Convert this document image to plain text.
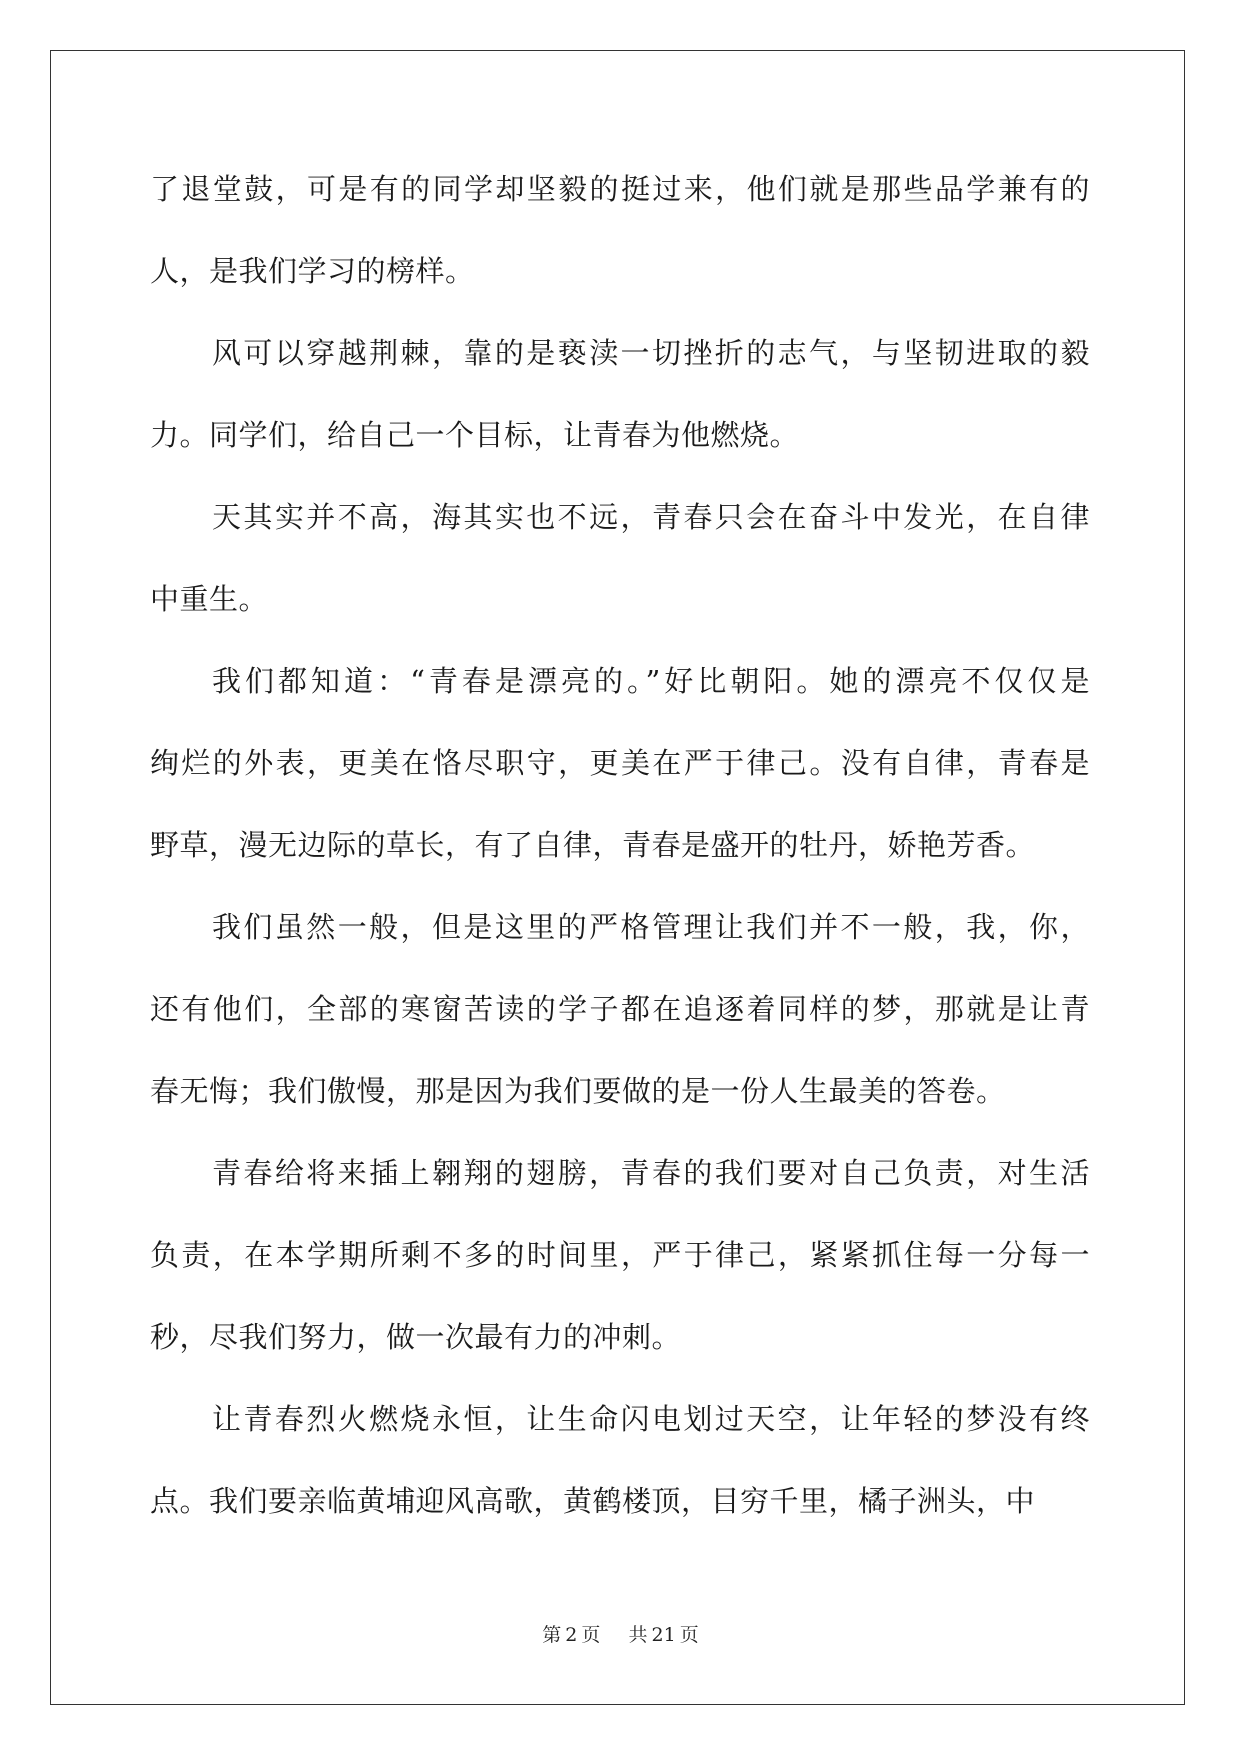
了退堂鼓，可是有的同学却坚毅的挺过来，他们就是那些品学兼有的
人，是我们学习的榜样。
风可以穿越荆棘，靠的是亵渎一切挫折的志气，与坚韧进取的毅
力。同学们，给自己一个目标，让青春为他燃烧。
天其实并不高，海其实也不远，青春只会在奋斗中发光，在自律
中重生。
我们都知道：“青春是漂亮的。”好比朝阳。她的漂亮不仅仅是
绚烂的外表，更美在恪尽职守，更美在严于律己。没有自律，青春是
野草，漫无边际的草长，有了自律，青春是盛开的牡丹，娇艳芳香。
我们虽然一般，但是这里的严格管理让我们并不一般，我，你，
还有他们，全部的寒窗苦读的学子都在追逐着同样的梦，那就是让青
春无悔；我们傲慢，那是因为我们要做的是一份人生最美的答卷。
青春给将来插上翱翔的翅膀，青春的我们要对自己负责，对生活
负责，在本学期所剩不多的时间里，严于律己，紧紧抓住每一分每一
秒，尽我们努力，做一次最有力的冲刺。
让青春烈火燃烧永恒，让生命闪电划过天空，让年轻的梦没有终
点。我们要亲临黄埔迎风高歌，黄鹤楼顶，目穷千里，橘子洲头，中
第 2 页 共 21 页
